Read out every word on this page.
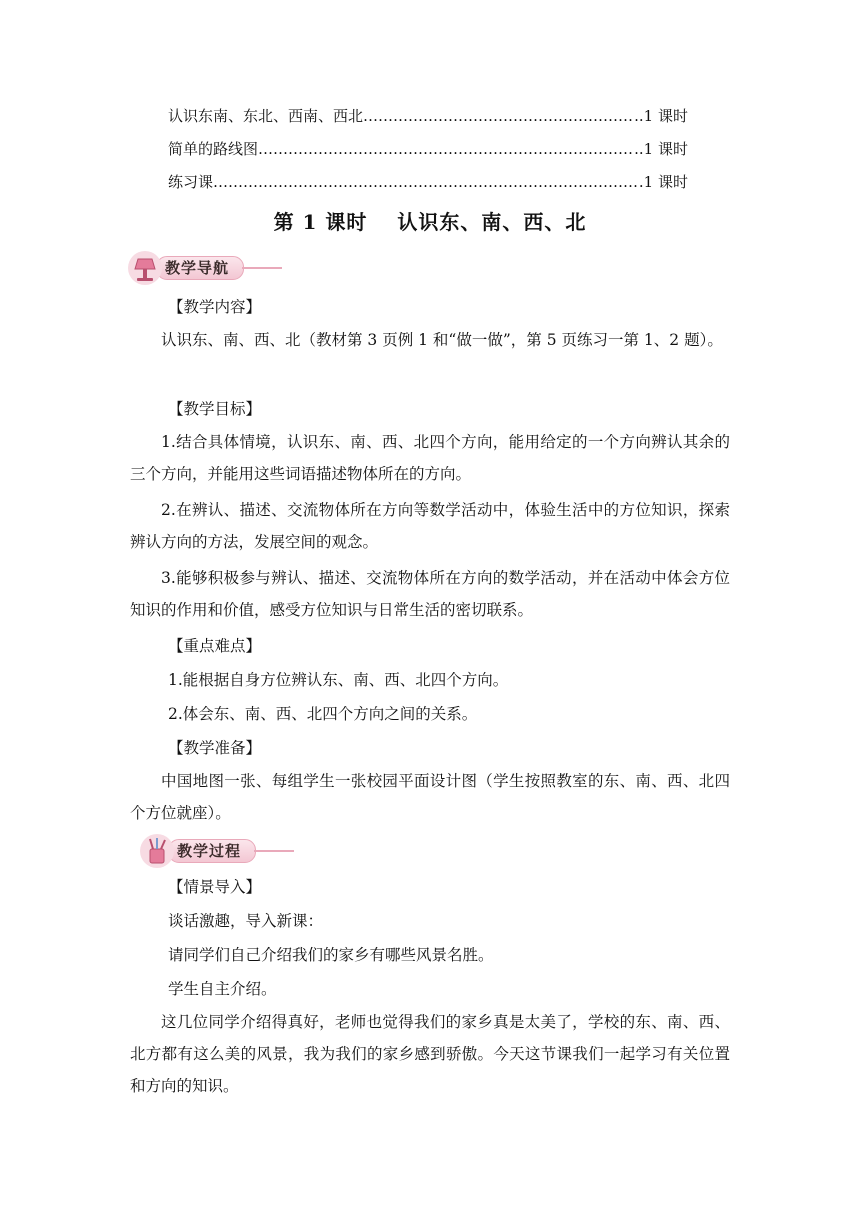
认识东南、东北、西南、西北 ……………………………………………………………………………………………………………	..1 课时
简单的路线图 ……………………………………………………………………………………………………………	..1 课时
练习课 ……………………………………………………………………………………………………………	.1 课时
第 1 课时 认识东、南、西、北
教学导航
【教学内容】

认识东、南、西、北（教材第 3 页例 1 和“做一做”，第 5 页练习一第 1、2 题）。

【教学目标】

1.结合具体情境，认识东、南、西、北四个方向，能用给定的一个方向辨认其余的三个方向，并能用这些词语描述物体所在的方向。

2.在辨认、描述、交流物体所在方向等数学活动中，体验生活中的方位知识，探索辨认方向的方法，发展空间的观念。

3.能够积极参与辨认、描述、交流物体所在方向的数学活动，并在活动中体会方位知识的作用和价值，感受方位知识与日常生活的密切联系。

【重点难点】
1.能根据自身方位辨认东、南、西、北四个方向。
2.体会东、南、西、北四个方向之间的关系。
【教学准备】

中国地图一张、每组学生一张校园平面设计图（学生按照教室的东、南、西、北四个方位就座）。

教学过程
【情景导入】
谈话激趣，导入新课：
请同学们自己介绍我们的家乡有哪些风景名胜。
学生自主介绍。

这几位同学介绍得真好，老师也觉得我们的家乡真是太美了，学校的东、南、西、北方都有这么美的风景，我为我们的家乡感到骄傲。今天这节课我们一起学习有关位置和方向的知识。
